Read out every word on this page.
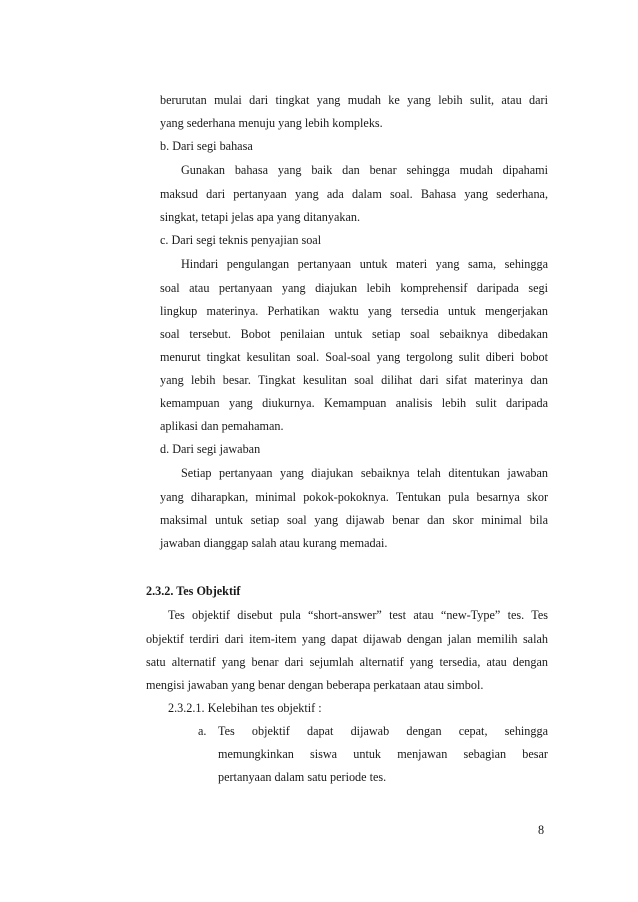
berurutan mulai dari tingkat yang mudah ke yang lebih sulit, atau dari
yang sederhana menuju yang lebih kompleks.
b. Dari segi bahasa
Gunakan bahasa yang baik dan benar sehingga mudah dipahami
maksud dari pertanyaan yang ada dalam soal. Bahasa yang sederhana,
singkat, tetapi jelas apa yang ditanyakan.
c. Dari segi teknis penyajian soal
Hindari pengulangan pertanyaan untuk materi yang sama, sehingga
soal atau pertanyaan yang diajukan lebih komprehensif daripada segi
lingkup materinya. Perhatikan waktu yang tersedia untuk mengerjakan
soal tersebut. Bobot penilaian untuk setiap soal sebaiknya dibedakan
menurut tingkat kesulitan soal. Soal-soal yang tergolong sulit diberi bobot
yang lebih besar. Tingkat kesulitan soal dilihat dari sifat materinya dan
kemampuan yang diukurnya. Kemampuan analisis lebih sulit daripada
aplikasi dan pemahaman.
d. Dari segi jawaban
Setiap pertanyaan yang diajukan sebaiknya telah ditentukan jawaban
yang diharapkan, minimal pokok-pokoknya. Tentukan pula besarnya skor
maksimal untuk setiap soal yang dijawab benar dan skor minimal bila
jawaban dianggap salah atau kurang memadai.
2.3.2. Tes Objektif
Tes objektif disebut pula “short-answer” test atau “new-Type” tes. Tes
objektif terdiri dari item-item yang dapat dijawab dengan jalan memilih salah
satu alternatif yang benar dari sejumlah alternatif yang tersedia, atau dengan
mengisi jawaban yang benar dengan beberapa perkataan atau simbol.
2.3.2.1. Kelebihan tes objektif :
a. Tes objektif dapat dijawab dengan cepat, sehingga
memungkinkan siswa untuk menjawan sebagian besar
pertanyaan dalam satu periode tes.
8
